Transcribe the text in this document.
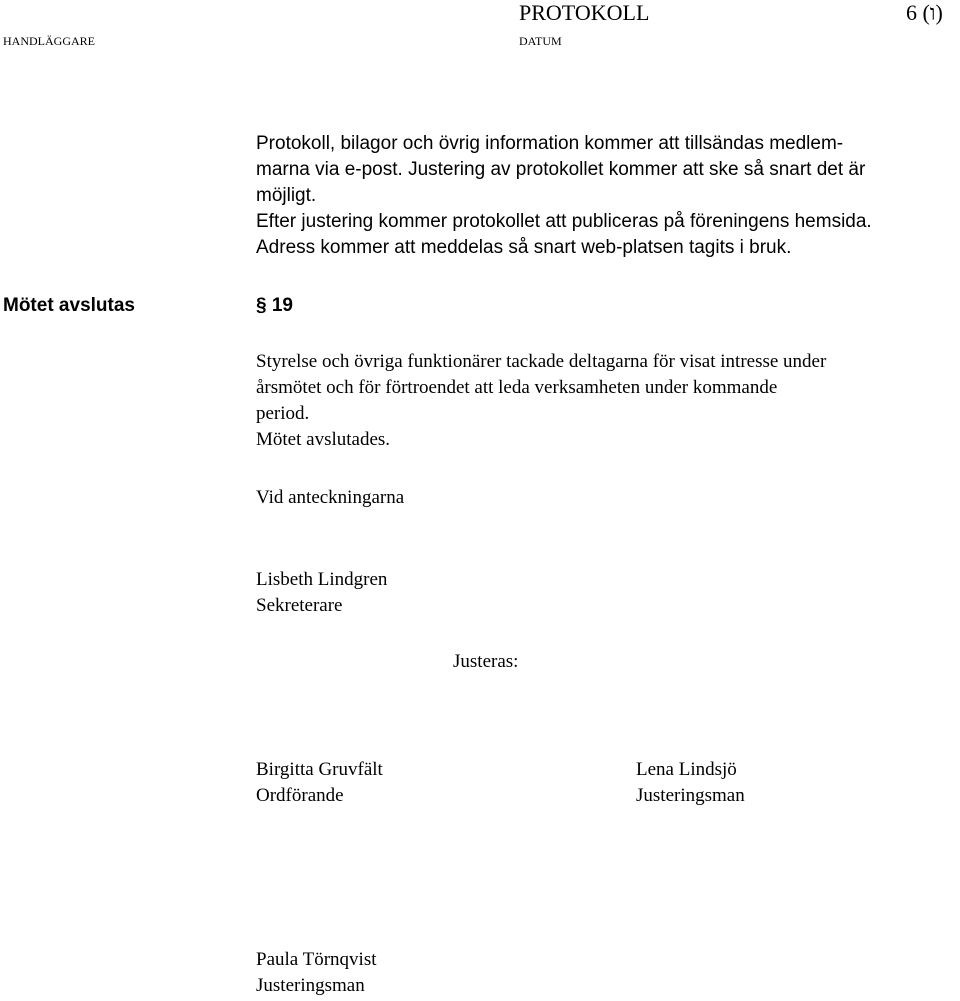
PROTOKOLL	6 (ו)
HANDLÄGGARE	DATUM
Protokoll, bilagor och övrig information kommer att tillsändas medlem-
marna via e-post. Justering av protokollet kommer att ske så snart det är
möjligt.
Efter justering kommer protokollet att publiceras på föreningens hemsida.
Adress kommer att meddelas så snart web-platsen tagits i bruk.
Mötet avslutas	§ 19
Styrelse och övriga funktionärer tackade deltagarna för visat intresse under
årsmötet och för förtroendet att leda verksamheten under kommande
period.
Mötet avslutades.
Vid anteckningarna
Lisbeth Lindgren
Sekreterare
Justeras:
Birgitta Gruvfält
Ordförande
Lena Lindsjö
Justeringsman
Paula Törnqvist
Justeringsman
